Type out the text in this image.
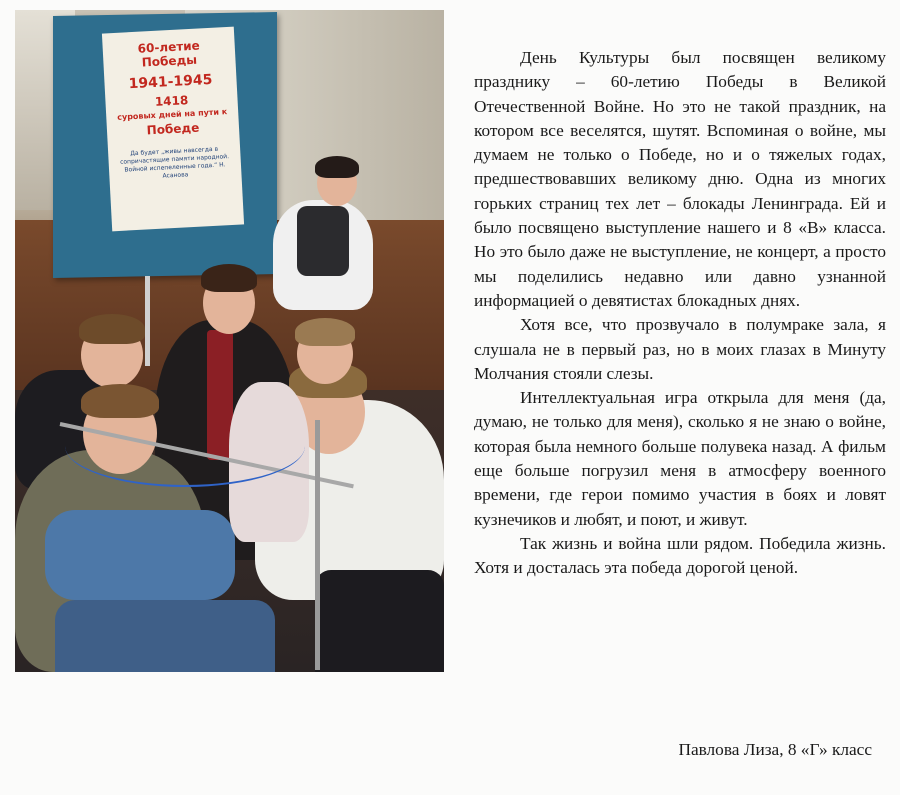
60-летие Победы
1941-1945
1418
суровых дней на пути к
Победе
Да будет „живы навсегда в сопричастящие памяти народной. Войной испепеленные года.“ Н. Асанова

День Культуры был посвящен великому празднику – 60-летию Победы в Великой Отечественной Войне. Но это не такой праздник, на котором все веселятся, шутят. Вспоминая о войне, мы думаем не только о Победе, но и о тяжелых годах, предшествовавших великому дню. Одна из многих горьких страниц тех лет – блокады Ленинграда. Ей и было посвящено выступление нашего и 8 «В» класса. Но это было даже не выступление, не концерт, а просто мы поделились недавно или давно узнанной информацией о девятистах блокадных днях.

Хотя все, что прозвучало в полумраке зала, я слушала не в первый раз, но в моих глазах в Минуту Молчания стояли слезы.

Интеллектуальная игра открыла для меня (да, думаю, не только для меня), сколько я не знаю о войне, которая была немного больше полувека назад. А фильм еще больше погрузил меня в атмосферу военного времени, где герои помимо участия в боях и ловят кузнечиков и любят, и поют, и живут.

Так жизнь и война шли рядом. Победила жизнь. Хотя и досталась эта победа дорогой ценой.

Павлова Лиза, 8 «Г» класс
